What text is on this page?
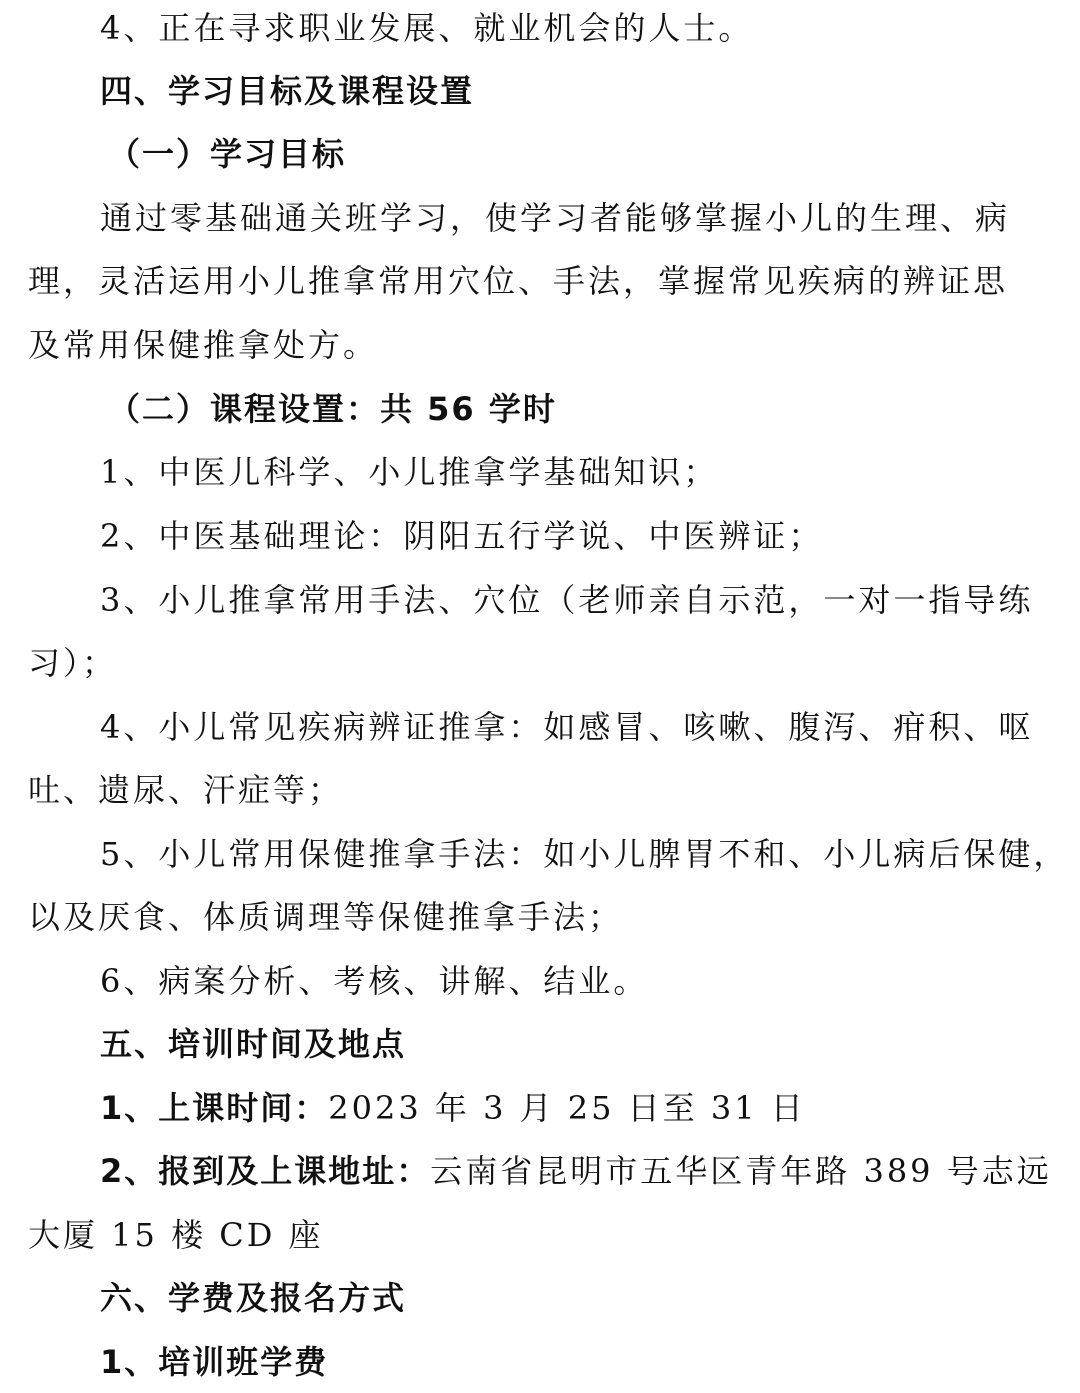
4、正在寻求职业发展、就业机会的人士。
四、学习目标及课程设置
（一）学习目标
通过零基础通关班学习，使学习者能够掌握小儿的生理、病
理，灵活运用小儿推拿常用穴位、手法，掌握常见疾病的辨证思
及常用保健推拿处方。
（二）课程设置：共 56 学时
1、中医儿科学、小儿推拿学基础知识；
2、中医基础理论：阴阳五行学说、中医辨证；
3、小儿推拿常用手法、穴位（老师亲自示范，一对一指导练
习）；
4、小儿常见疾病辨证推拿：如感冒、咳嗽、腹泻、疳积、呕
吐、遗尿、汗症等；
5、小儿常用保健推拿手法：如小儿脾胃不和、小儿病后保健，
以及厌食、体质调理等保健推拿手法；
6、病案分析、考核、讲解、结业。
五、培训时间及地点
1、上课时间：2023 年 3 月 25 日至 31 日
2、报到及上课地址：云南省昆明市五华区青年路 389 号志远
大厦 15 楼 CD 座
六、学费及报名方式
1、培训班学费
